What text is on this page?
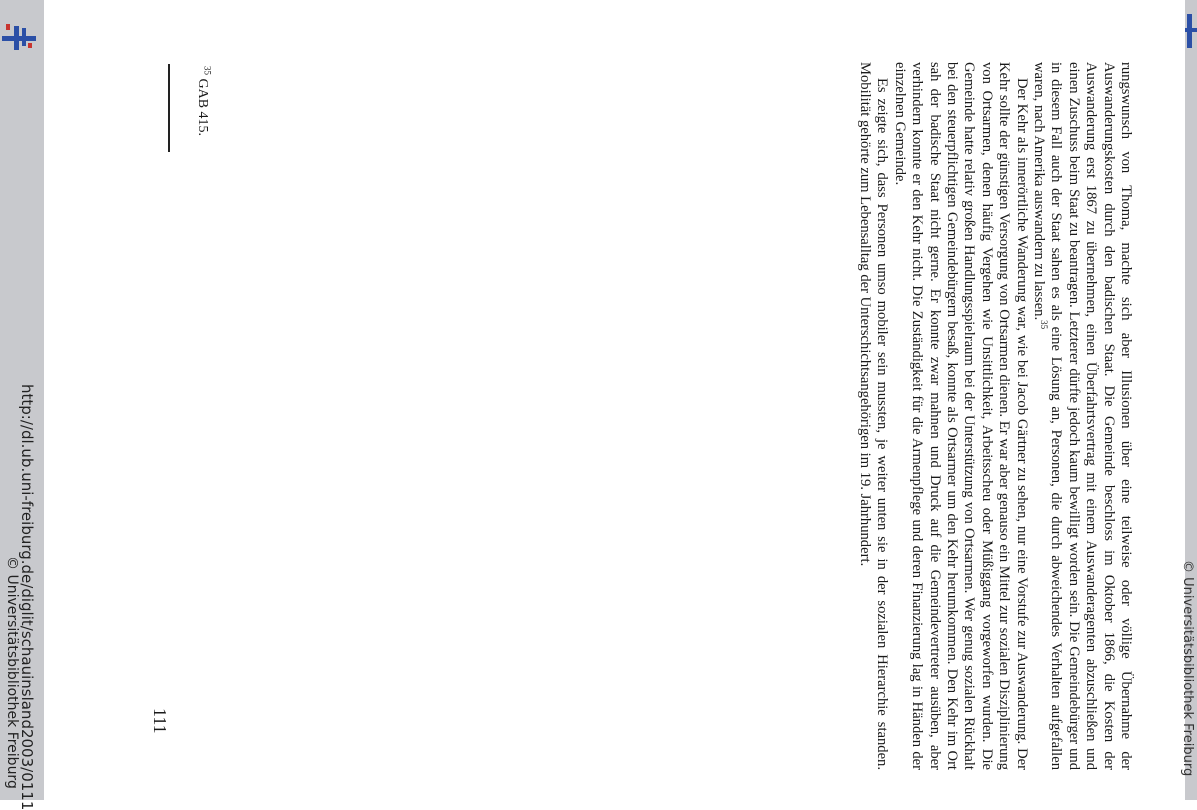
http://dl.ub.uni-freiburg.de/diglit/schauinsland2003/0111
© Universitätsbibliothek Freiburg	rungswunsch von Thoma, machte sich aber Illusionen über eine teilweise oder völlige Übernahme der Auswanderungskosten durch den badischen Staat. Die Gemeinde beschloss im Oktober 1866, die Kosten der Auswanderung erst 1867 zu übernehmen, einen Überfahrtsvertrag mit einem Auswanderagenten abzuschließen und einen Zuschuss beim Staat zu beantragen. Letzterer dürfte jedoch kaum bewilligt worden sein. Die Gemeindebürger und in diesem Fall auch der Staat sahen es als eine Lösung an, Personen, die durch abweichendes Verhalten aufgefallen waren, nach Amerika auswandern zu lassen.$^{35}$

Der Kehr als innerörtliche Wanderung war, wie bei Jacob Gärtner zu sehen, nur eine Vorstufe zur Auswanderung. Der Kehr sollte der günstigen Versorgung von Ortsarmen dienen. Er war aber genauso ein Mittel zur sozialen Disziplinierung von Ortsarmen, denen häufig Vergehen wie Unsittlichkeit, Arbeitsscheu oder Müßiggang vorgeworfen wurden. Die Gemeinde hatte relativ großen Handlungsspielraum bei der Unterstützung von Ortsarmen. Wer genug sozialen Rückhalt bei den steuerpflichtigen Gemeindebürgern besaß, konnte als Ortsarmer um den Kehr herumkommen. Den Kehr im Ort sah der badische Staat nicht gerne. Er konnte zwar mahnen und Druck auf die Gemeindevertreter ausüben, aber verhindern konnte er den Kehr nicht. Die Zuständigkeit für die Armenpflege und deren Finanzierung lag in Händen der einzelnen Gemeinde.

Es zeigte sich, dass Personen umso mobiler sein mussten, je weiter unten sie in der sozialen Hierarchie standen. Mobilität gehörte zum Lebensalltag der Unterschichtsangehörigen im 19. Jahrhundert.

$^{35}$ GAB 415.
111	© Universitätsbibliothek Freiburg
